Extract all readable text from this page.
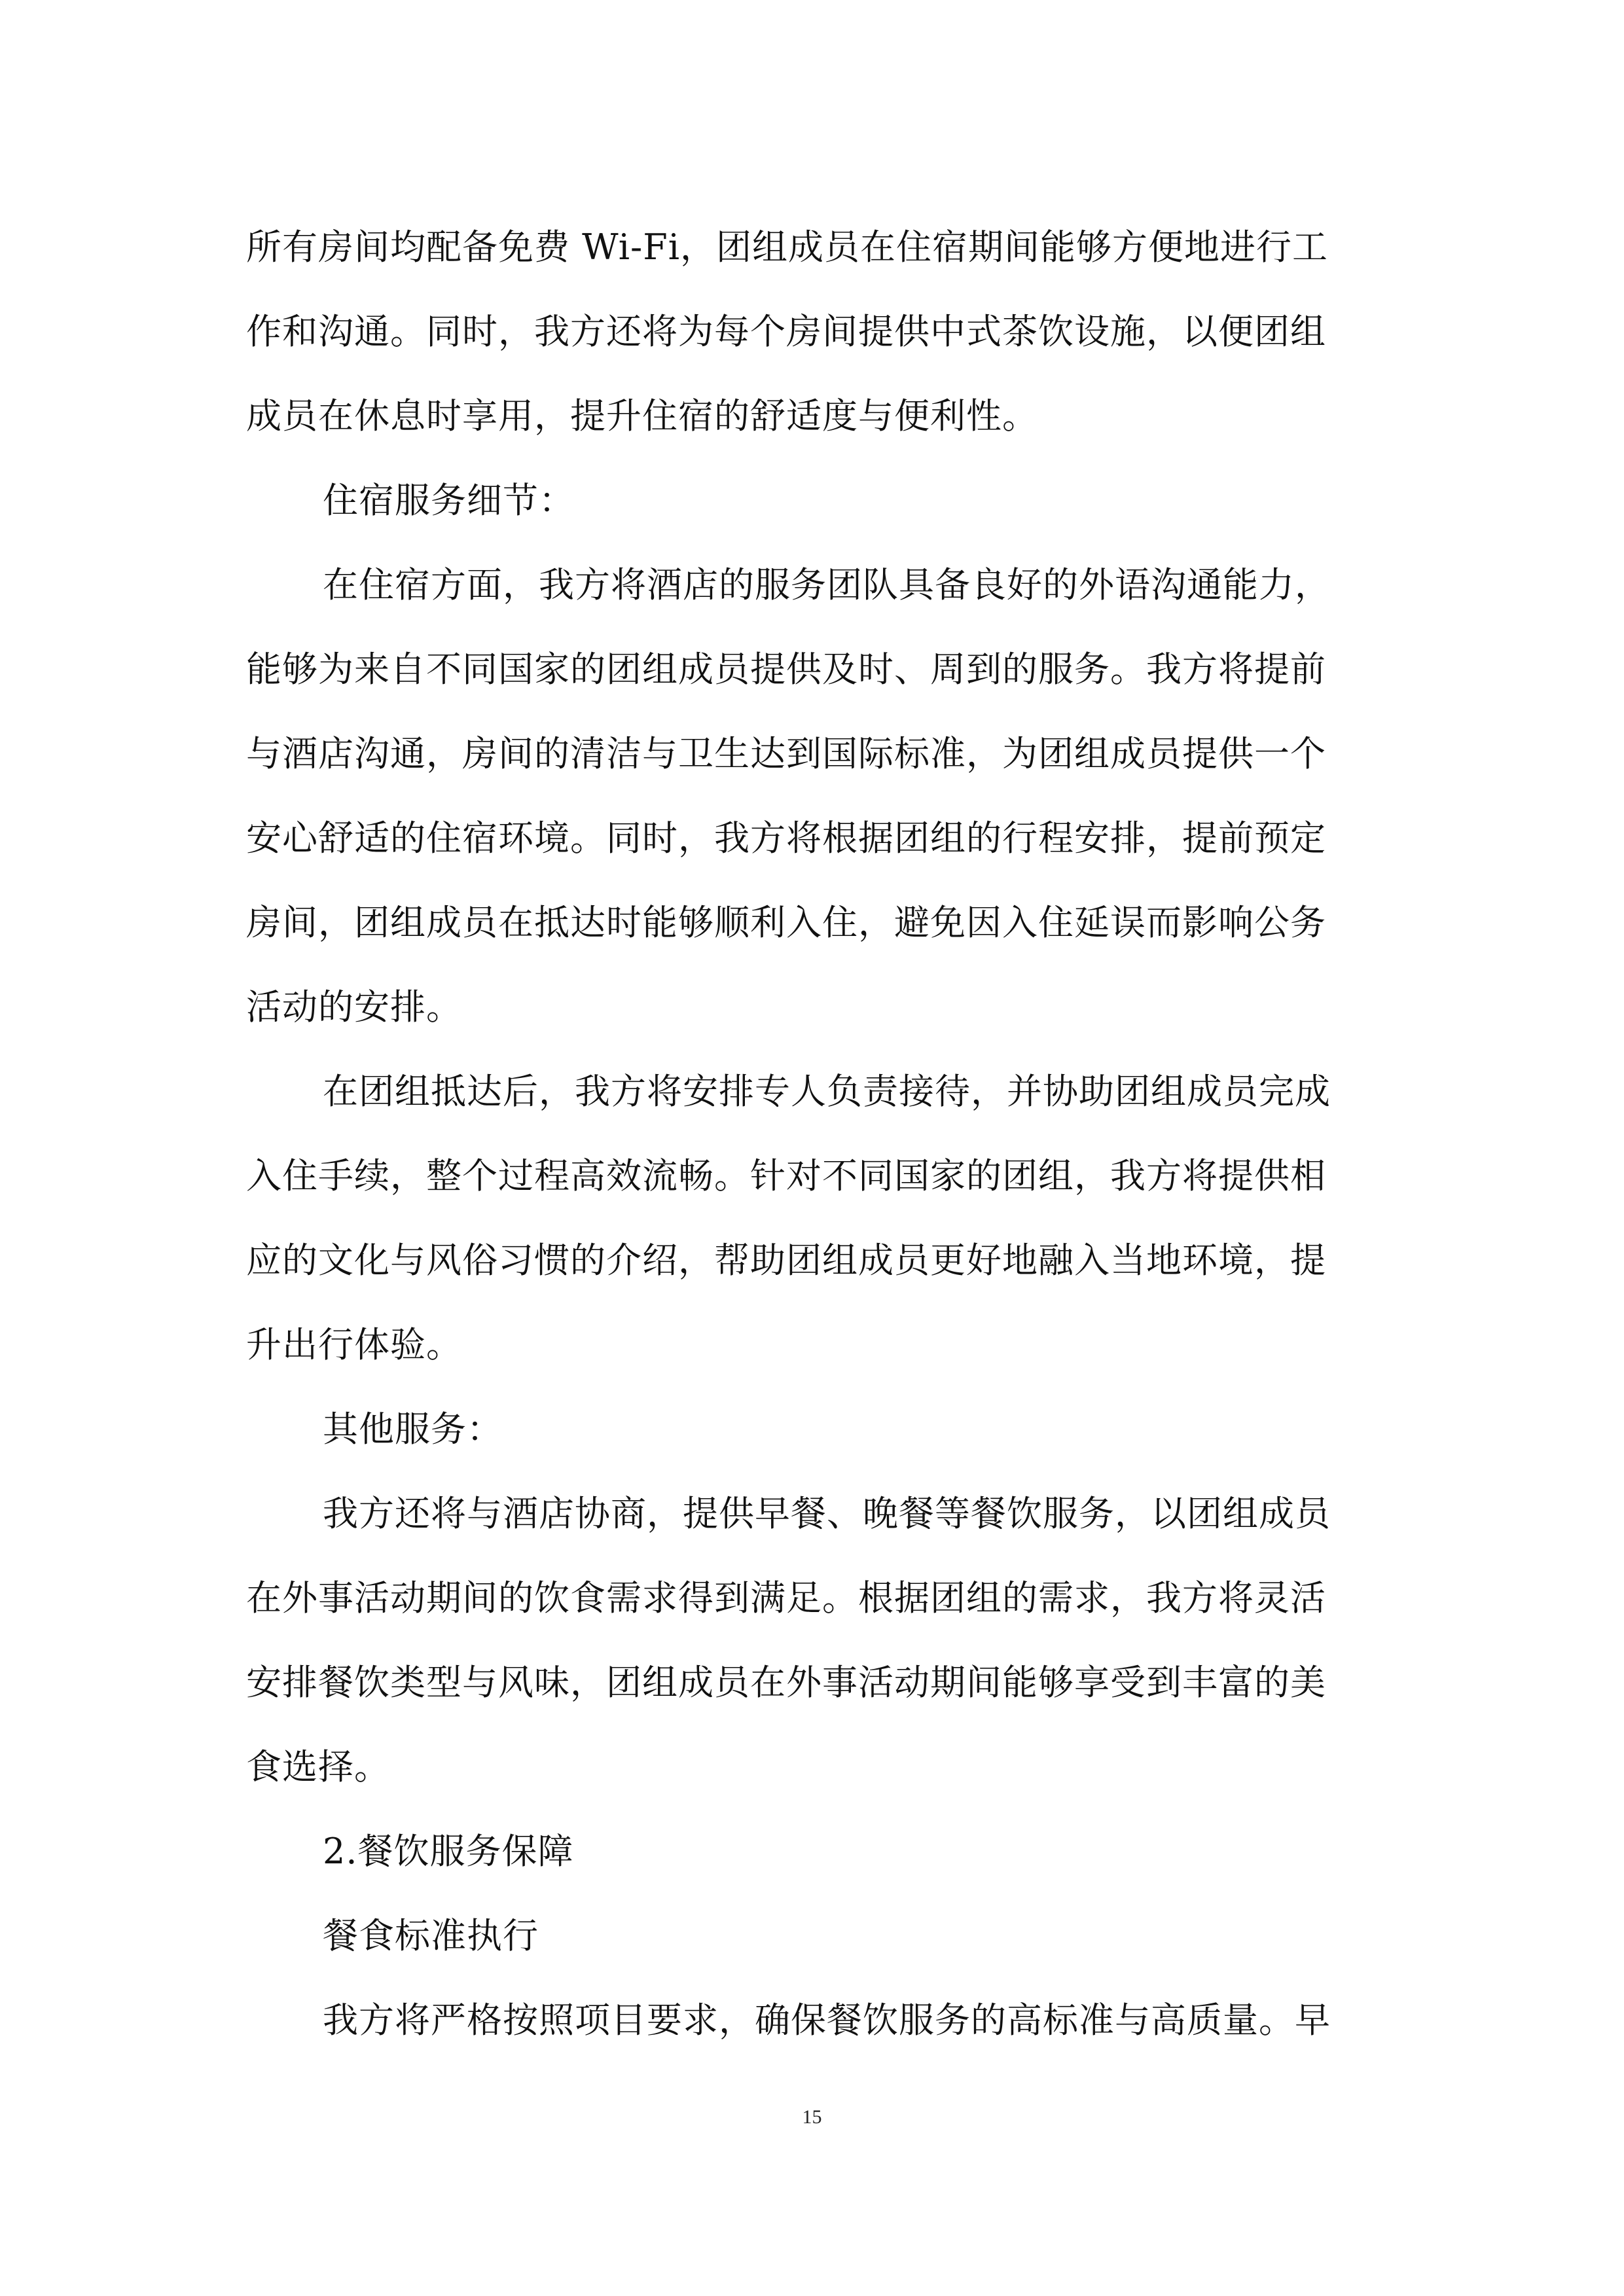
所有房间均配备免费 Wi-Fi，团组成员在住宿期间能够方便地进行工
作和沟通。同时，我方还将为每个房间提供中式茶饮设施，以便团组
成员在休息时享用，提升住宿的舒适度与便利性。
住宿服务细节：
在住宿方面，我方将酒店的服务团队具备良好的外语沟通能力，
能够为来自不同国家的团组成员提供及时、周到的服务。我方将提前
与酒店沟通，房间的清洁与卫生达到国际标准，为团组成员提供一个
安心舒适的住宿环境。同时，我方将根据团组的行程安排，提前预定
房间，团组成员在抵达时能够顺利入住，避免因入住延误而影响公务
活动的安排。
在团组抵达后，我方将安排专人负责接待，并协助团组成员完成
入住手续，整个过程高效流畅。针对不同国家的团组，我方将提供相
应的文化与风俗习惯的介绍，帮助团组成员更好地融入当地环境，提
升出行体验。
其他服务：
我方还将与酒店协商，提供早餐、晚餐等餐饮服务，以团组成员
在外事活动期间的饮食需求得到满足。根据团组的需求，我方将灵活
安排餐饮类型与风味，团组成员在外事活动期间能够享受到丰富的美
食选择。
2.餐饮服务保障
餐食标准执行
我方将严格按照项目要求，确保餐饮服务的高标准与高质量。早
15
